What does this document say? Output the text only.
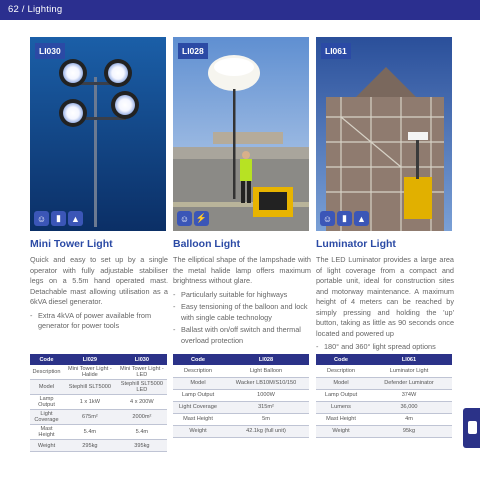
62 / Lighting
LI030
☺	▮	▲
LI028
☺ ⚡
LI061
☺	▮	▲
Mini Tower Light	Balloon Light	Luminator Light

Quick and easy to set up by a single operator with fully adjustable stabiliser legs on a 5.5m hand operated mast. Detachable mast allowing utilisation as a 6kVA diesel generator.

- Extra 4kVA of power available from generator for power tools

The elliptical shape of the lampshade with the metal halide lamp offers maximum brightness without glare.

- Particularly suitable for highways
- Easy tensioning of the balloon and lock with single cable technology
- Ballast with on/off switch and thermal overload protection

The LED Luminator provides a large area of light coverage from a compact and portable unit, ideal for construction sites and motorway maintenance. A maximum height of 4 meters can be reached by simply pressing and holding the 'up' button, taking as little as 90 seconds once located and powered up

- 180° and 360° light spread options
Code	LI029	LI030
Description	Mini Tower Light - Halide	Mini Tower Light - LED
Model	Stephill SLT5000	Stephill SLT5000 LED
Lamp Output	1 x 1kW	4 x 200W
Light Coverage	675m²	2000m²
Mast Height	5.4m	5.4m
Weight	295kg	395kg
Code	LI028
Description	Light Balloon
Model	Wacker LB10M/S10/150
Lamp Output	1000W
Light Coverage	315m²
Mast Height	5m
Weight	42.1kg (full unit)
Code	LI061
Description	Luminator Light
Model	Defender Luminator
Lamp Output	374W
Lumens	36,000
Mast Height	4m
Weight	95kg
